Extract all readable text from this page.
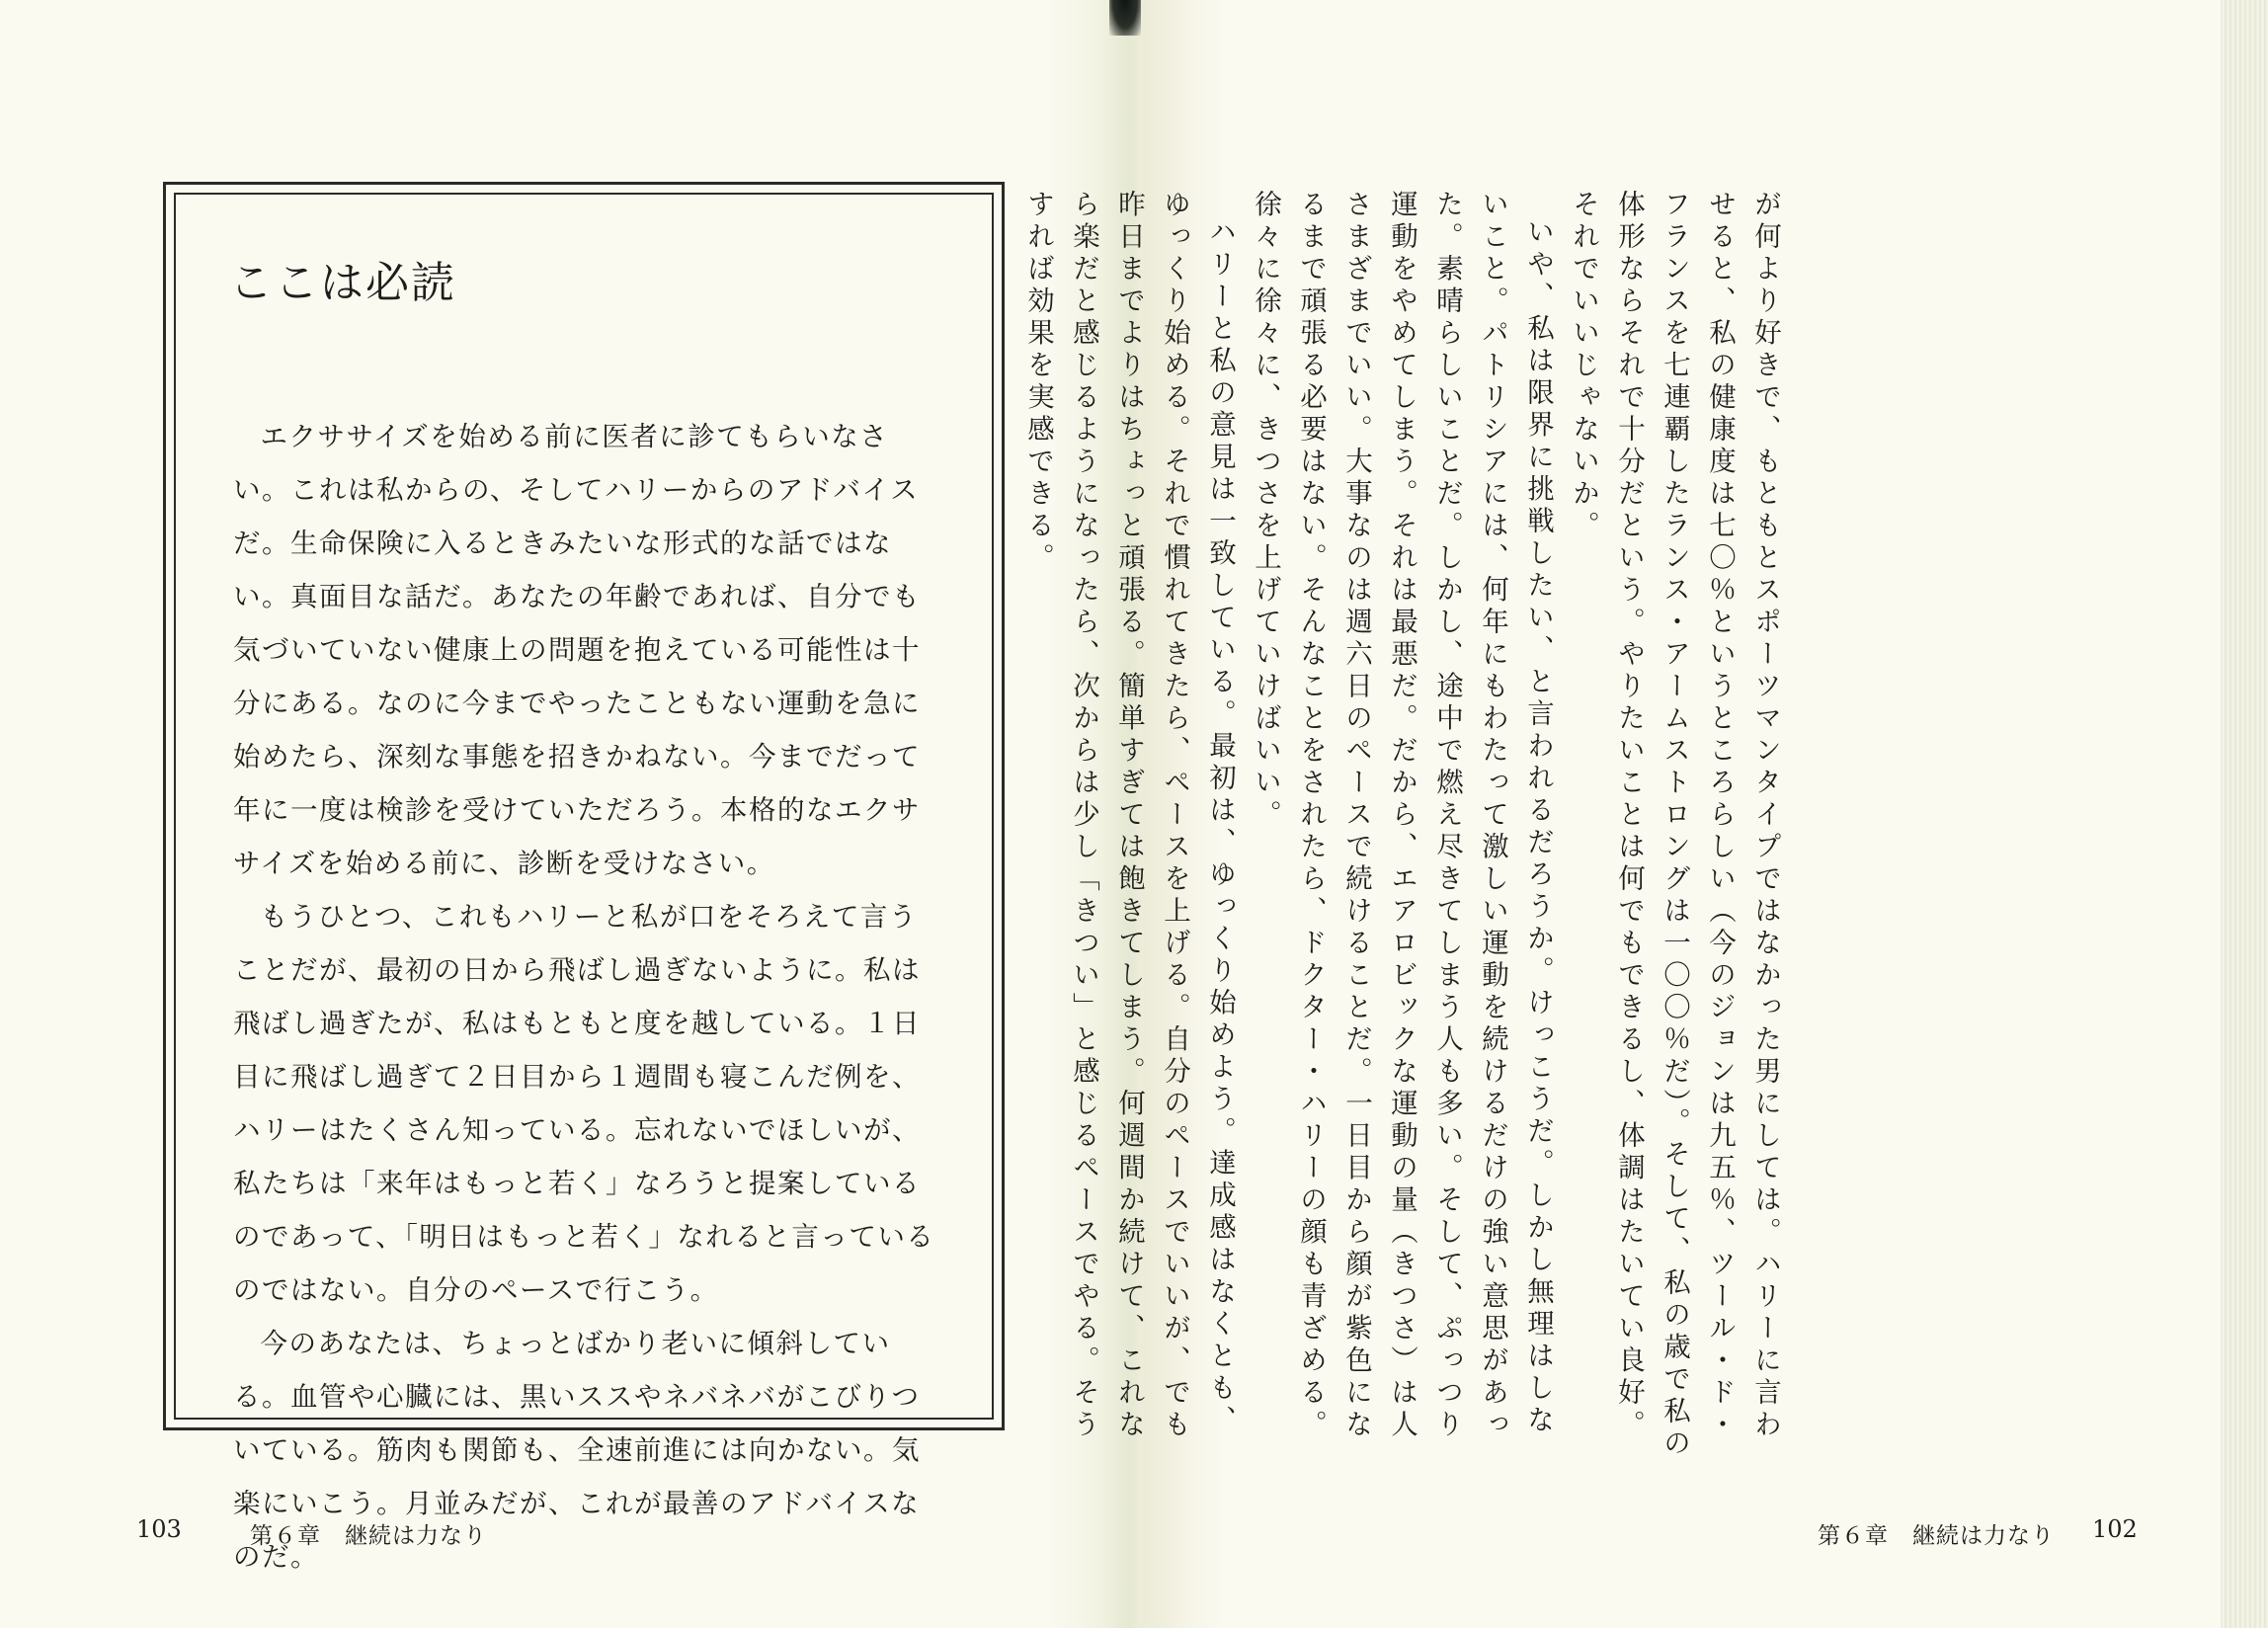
ここは必読

エクササイズを始める前に医者に診てもらいなさい。これは私からの、そしてハリーからのアドバイスだ。生命保険に入るときみたいな形式的な話ではない。真面目な話だ。あなたの年齢であれば、自分でも気づいていない健康上の問題を抱えている可能性は十分にある。なのに今までやったこともない運動を急に始めたら、深刻な事態を招きかねない。今までだって年に一度は検診を受けていただろう。本格的なエクササイズを始める前に、診断を受けなさい。

もうひとつ、これもハリーと私が口をそろえて言うことだが、最初の日から飛ばし過ぎないように。私は飛ばし過ぎたが、私はもともと度を越している。１日目に飛ばし過ぎて２日目から１週間も寝こんだ例を、ハリーはたくさん知っている。忘れないでほしいが、私たちは「来年はもっと若く」なろうと提案しているのであって、「明日はもっと若く」なれると言っているのではない。自分のペースで行こう。

今のあなたは、ちょっとばかり老いに傾斜している。血管や心臓には、黒いススやネバネバがこびりついている。筋肉も関節も、全速前進には向かない。気楽にいこう。月並みだが、これが最善のアドバイスなのだ。

103	第６章　継続は力なり

が何より好きで、もともとスポーツマンタイプではなかった男にしては。ハリーに言わせると、私の健康度は七〇％というところらしい（今のジョンは九五％、ツール・ド・フランスを七連覇したランス・アームストロングは一〇〇％だ）。そして、私の歳で私の体形ならそれで十分だという。やりたいことは何でもできるし、体調はたいてい良好。それでいいじゃないか。

いや、私は限界に挑戦したい、と言われるだろうか。けっこうだ。しかし無理はしないこと。パトリシアには、何年にもわたって激しい運動を続けるだけの強い意思があった。素晴らしいことだ。しかし、途中で燃え尽きてしまう人も多い。そして、ぷっつり運動をやめてしまう。それは最悪だ。だから、エアロビックな運動の量（きつさ）は人さまざまでいい。大事なのは週六日のペースで続けることだ。一日目から顔が紫色になるまで頑張る必要はない。そんなことをされたら、ドクター・ハリーの顔も青ざめる。徐々に徐々に、きつさを上げていけばいい。

ハリーと私の意見は一致している。最初は、ゆっくり始めよう。達成感はなくとも、ゆっくり始める。それで慣れてきたら、ペースを上げる。自分のペースでいいが、でも昨日までよりはちょっと頑張る。簡単すぎては飽きてしまう。何週間か続けて、これなら楽だと感じるようになったら、次からは少し「きつい」と感じるペースでやる。そうすれば効果を実感できる。

第６章　継続は力なり 102
